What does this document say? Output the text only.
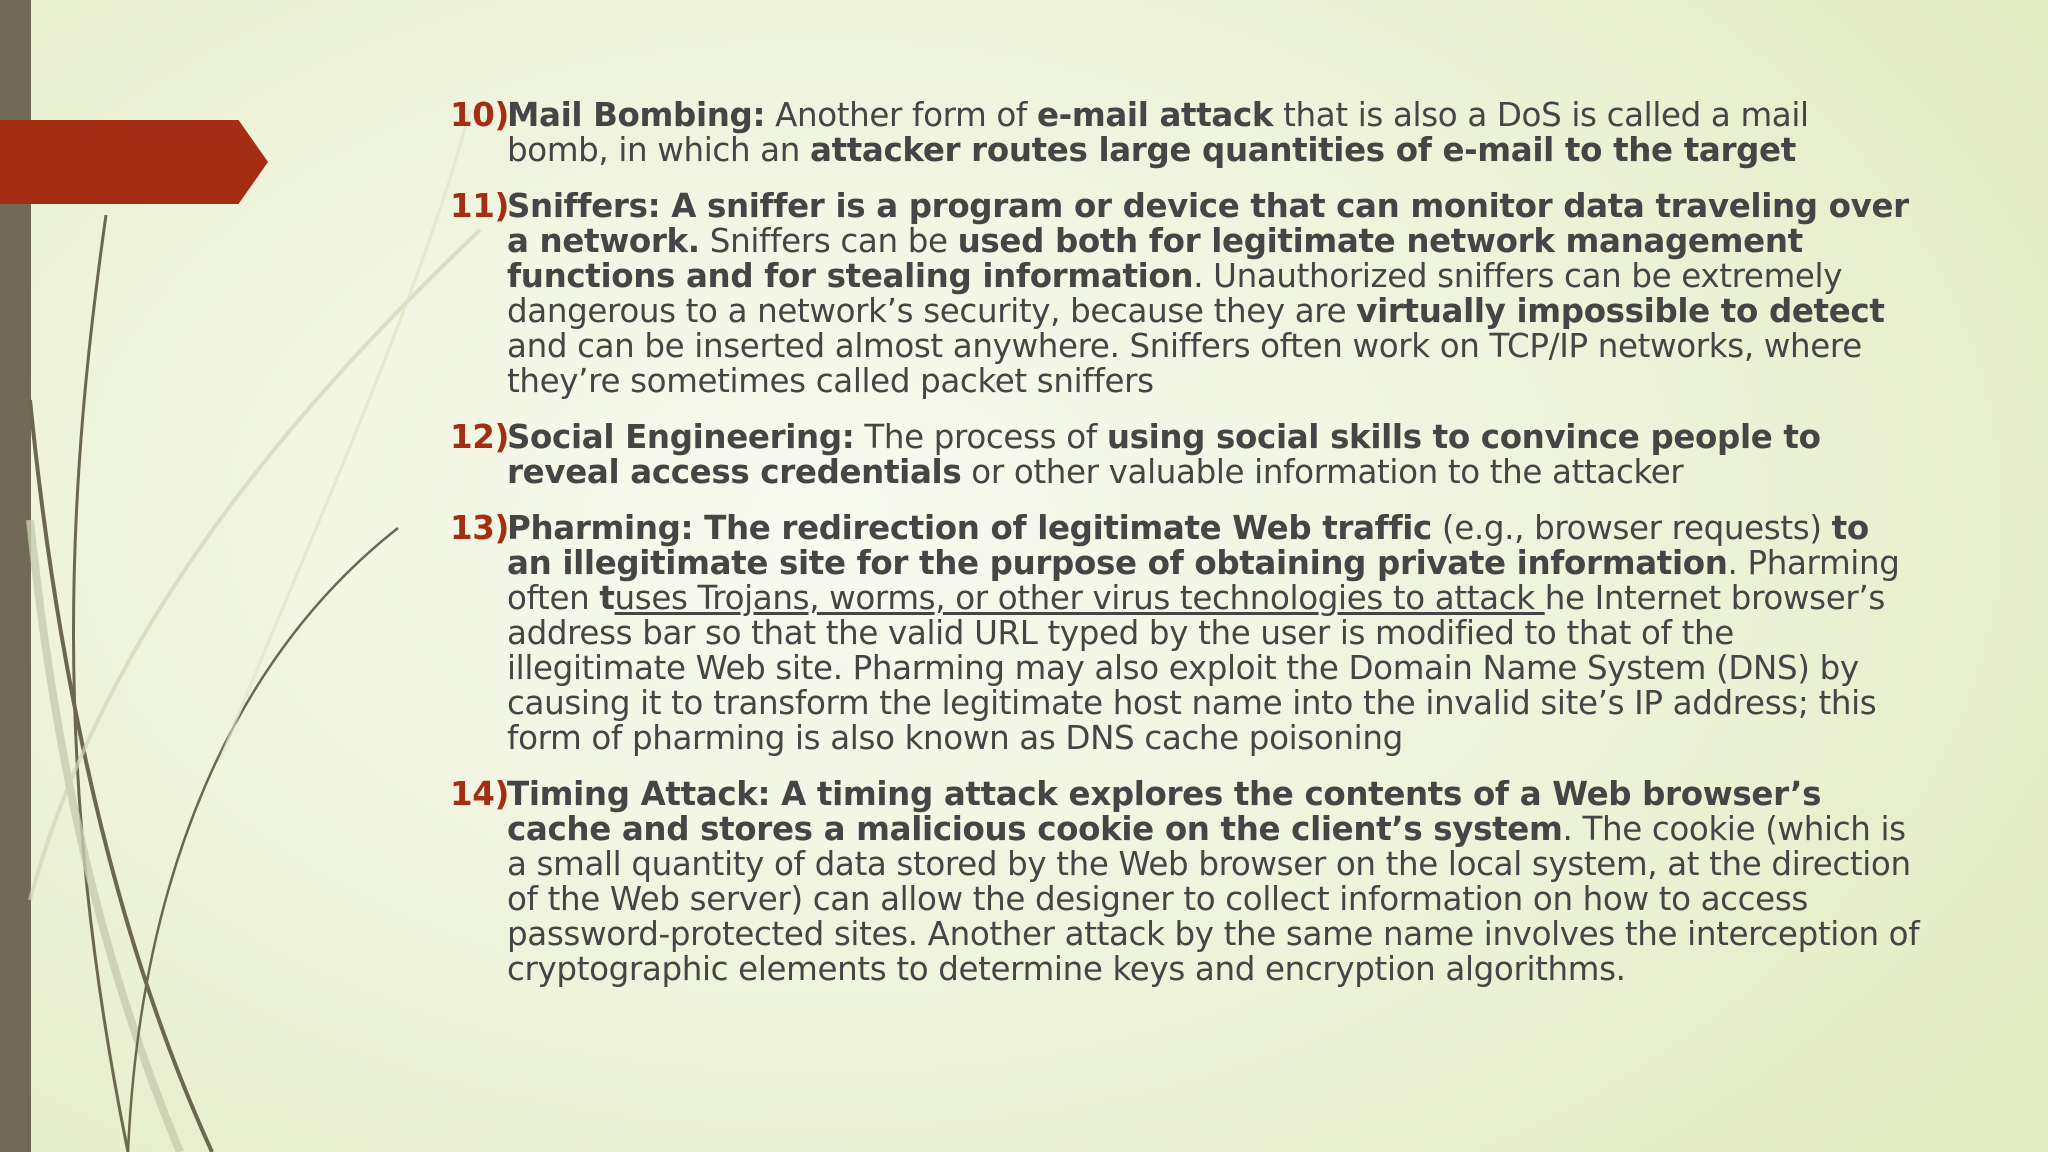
10)
Mail Bombing: Another form of e-mail attack that is also a DoS is called a mail bomb, in which an attacker routes large quantities of e-mail to the target
11)
Sniffers: A sniffer is a program or device that can monitor data traveling over a network. Sniffers can be used both for legitimate network management functions and for stealing information. Unauthorized sniffers can be extremely dangerous to a network’s security, because they are virtually impossible to detect and can be inserted almost anywhere. Sniffers often work on TCP/IP networks, where they’re sometimes called packet sniffers
12)
Social Engineering: The process of using social skills to convince people to reveal access credentials or other valuable information to the attacker
13)
Pharming: The redirection of legitimate Web traffic (e.g., browser requests) to an illegitimate site for the purpose of obtaining private information. Pharming often tuses Trojans, worms, or other virus technologies to attack he Internet browser’s address bar so that the valid URL typed by the user is modified to that of the illegitimate Web site. Pharming may also exploit the Domain Name System (DNS) by causing it to transform the legitimate host name into the invalid site’s IP address; this form of pharming is also known as DNS cache poisoning
14)
Timing Attack: A timing attack explores the contents of a Web browser’s cache and stores a malicious cookie on the client’s system. The cookie (which is a small quantity of data stored by the Web browser on the local system, at the direction of the Web server) can allow the designer to collect information on how to access password-protected sites. Another attack by the same name involves the interception of cryptographic elements to determine keys and encryption algorithms.
